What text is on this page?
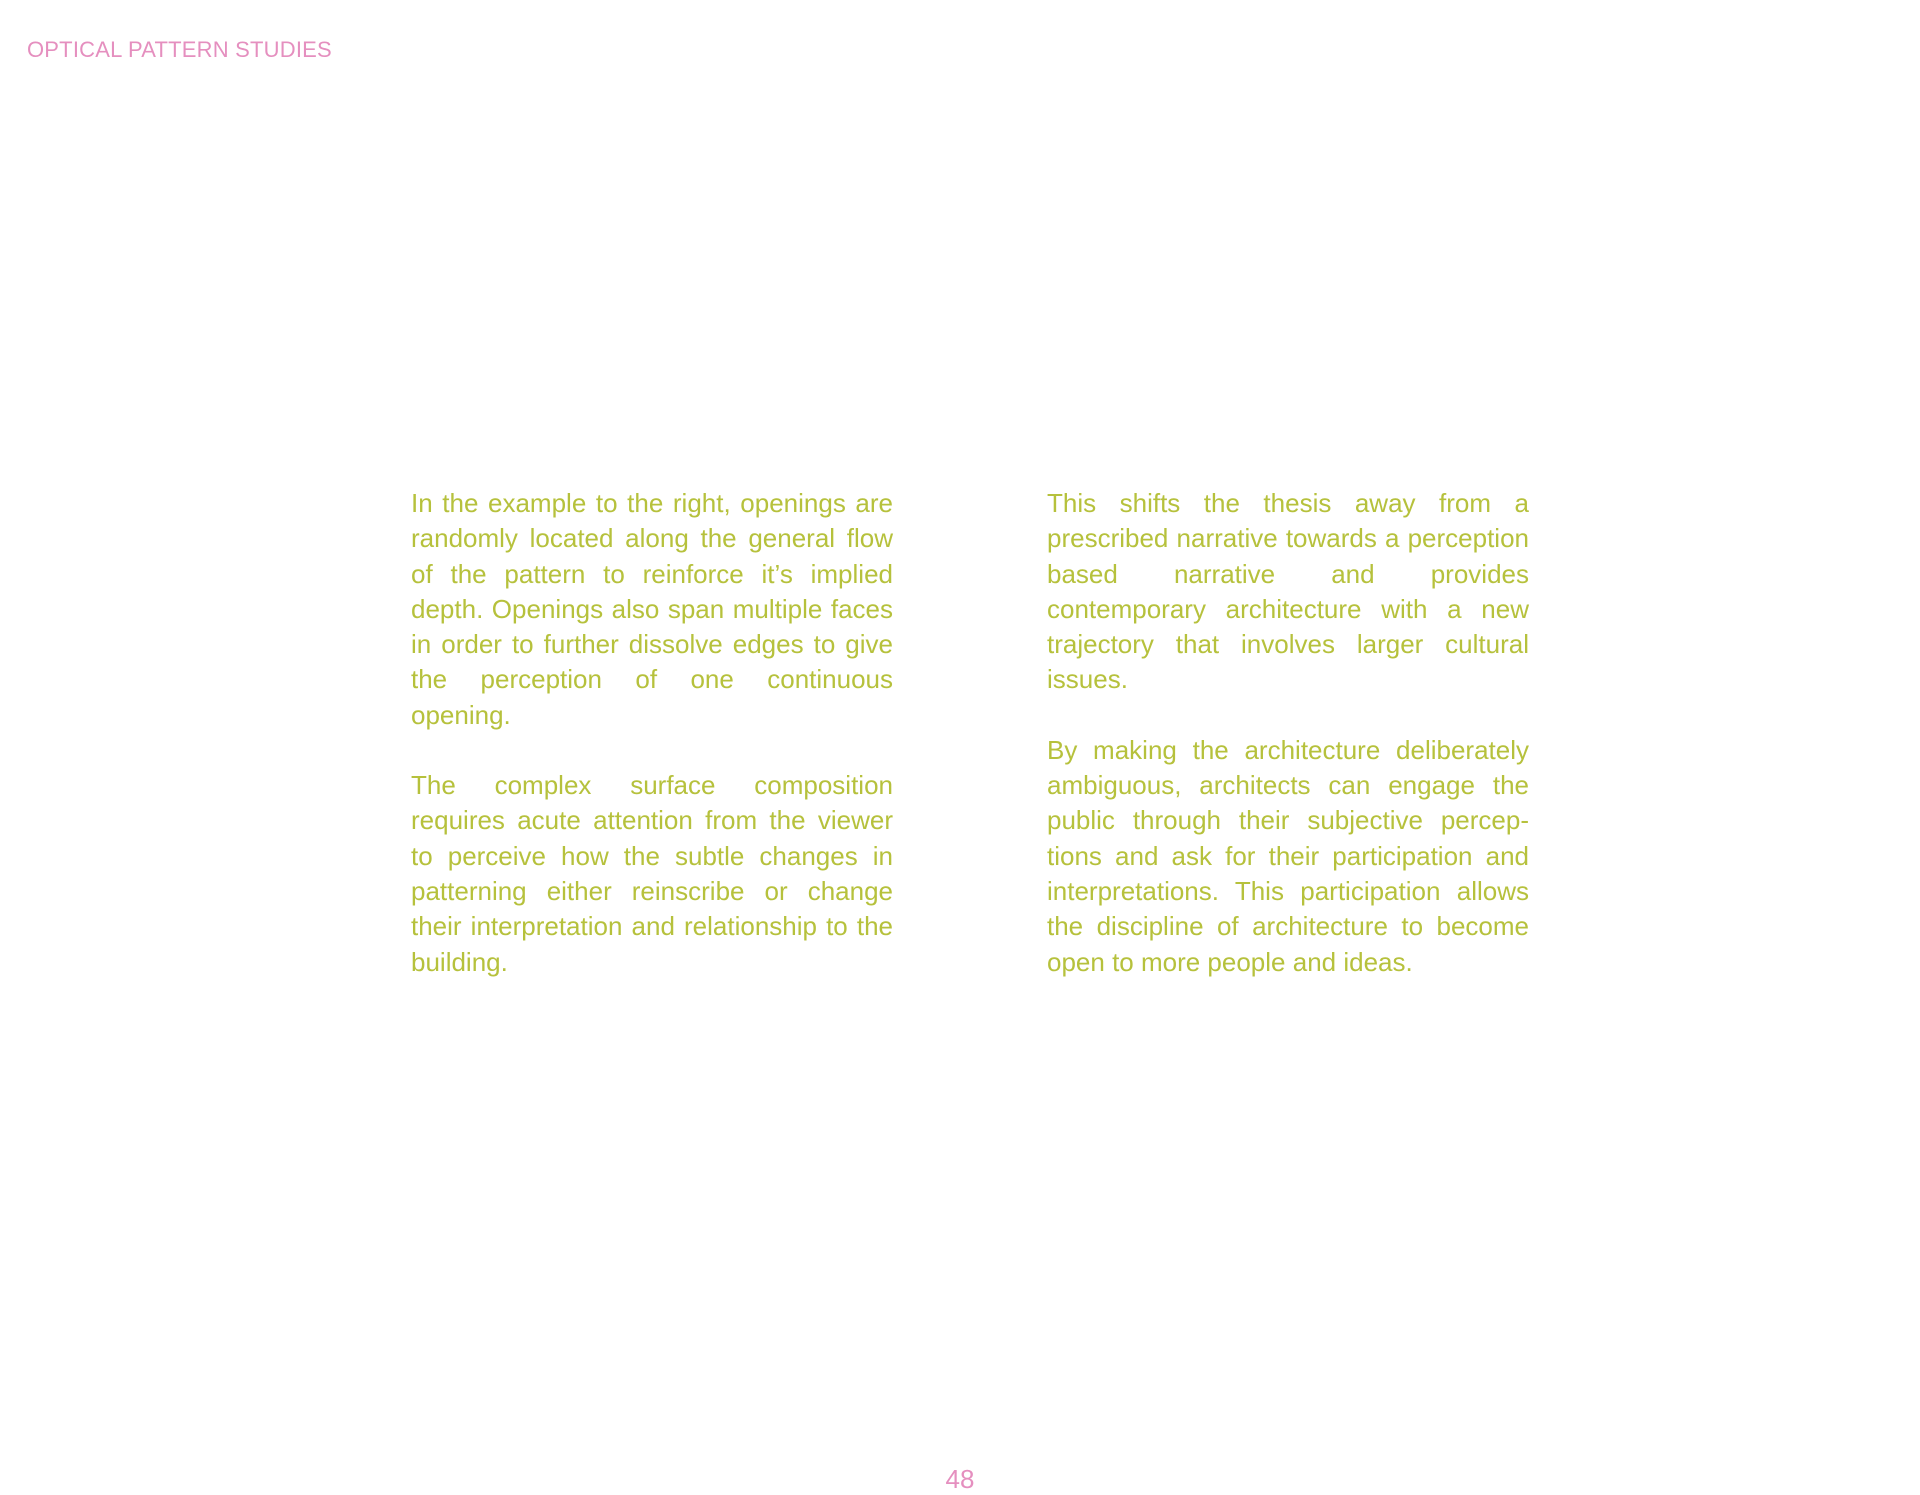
OPTICAL PATTERN STUDIES

In the example to the right, openings are randomly located along the general flow of the pattern to reinforce it’s implied depth. Openings also span multiple faces in order to further dissolve edges to give the perception of one continuous opening.

The complex surface composition requires acute attention from the viewer to perceive how the subtle changes in patterning either reinscribe or change their interpretation and relationship to the building.

This shifts the thesis away from a prescribed narrative towards a perception based narrative and provides contemporary architecture with a new trajectory that involves larger cultural issues.

By making the architecture deliberately ambiguous, architects can engage the public through their subjective perceptions and ask for their participation and interpretations. This participation allows the discipline of architecture to become open to more people and ideas.

48
